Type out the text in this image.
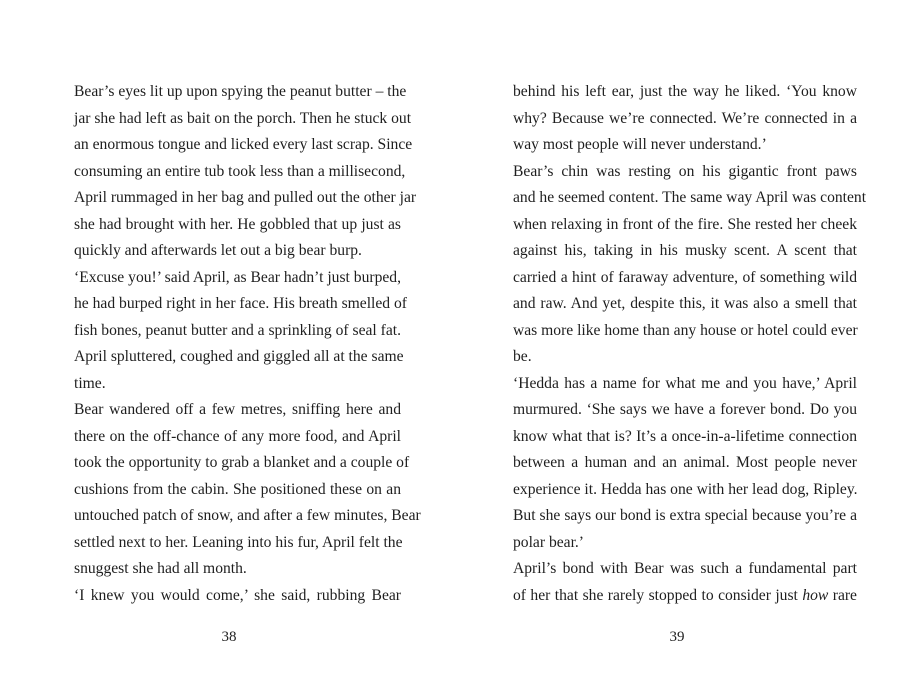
Bear’s eyes lit up upon spying the peanut butter – the
jar she had left as bait on the porch. Then he stuck out
an enormous tongue and licked every last scrap. Since
consuming an entire tub took less than a millisecond,
April rummaged in her bag and pulled out the other jar
she had brought with her. He gobbled that up just as
quickly and afterwards let out a big bear burp.
‘Excuse you!’ said April, as Bear hadn’t just burped,
he had burped right in her face. His breath smelled of
fish bones, peanut butter and a sprinkling of seal fat.
April spluttered, coughed and giggled all at the same
time.
Bear wandered off a few metres, sniffing here and
there on the off-chance of any more food, and April
took the opportunity to grab a blanket and a couple of
cushions from the cabin. She positioned these on an
untouched patch of snow, and after a few minutes, Bear
settled next to her. Leaning into his fur, April felt the
snuggest she had all month.
‘I knew you would come,’ she said, rubbing Bear
38
behind his left ear, just the way he liked. ‘You know
why? Because we’re connected. We’re connected in a
way most people will never understand.’
Bear’s chin was resting on his gigantic front paws
and he seemed content. The same way April was content
when relaxing in front of the fire. She rested her cheek
against his, taking in his musky scent. A scent that
carried a hint of faraway adventure, of something wild
and raw. And yet, despite this, it was also a smell that
was more like home than any house or hotel could ever
be.
‘Hedda has a name for what me and you have,’ April
murmured. ‘She says we have a forever bond. Do you
know what that is? It’s a once-in-a-lifetime connection
between a human and an animal. Most people never
experience it. Hedda has one with her lead dog, Ripley.
But she says our bond is extra special because you’re a
polar bear.’
April’s bond with Bear was such a fundamental part
of her that she rarely stopped to consider just how rare
39
